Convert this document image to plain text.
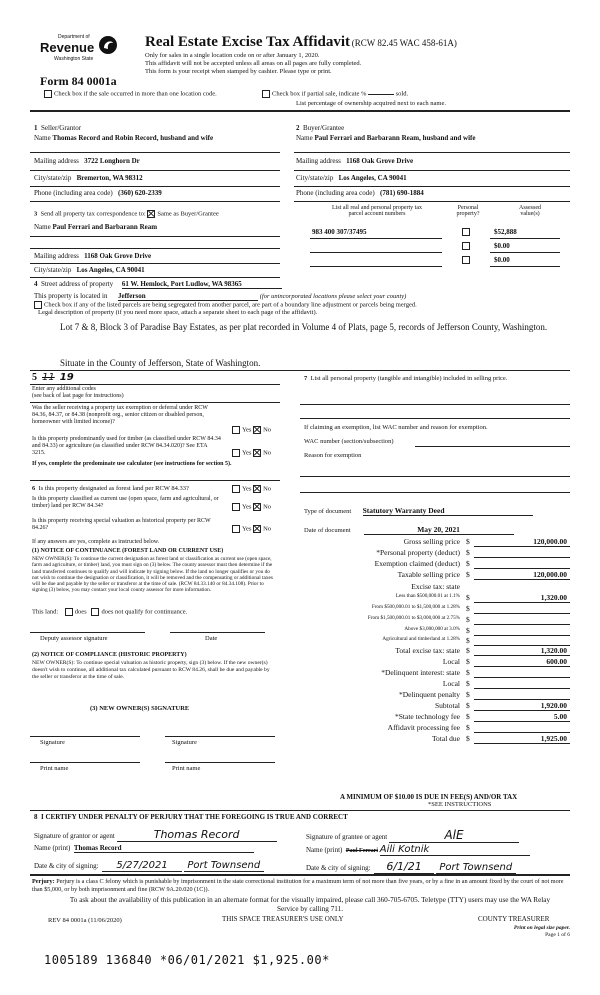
Department of
Revenue
Washington State
Form 84 0001a
Real Estate Excise Tax Affidavit (RCW 82.45 WAC 458-61A)
Only for sales in a single location code on or after January 1, 2020.
This affidavit will not be accepted unless all areas on all pages are fully completed.
This form is your receipt when stamped by cashier. Please type or print.
Check box if the sale occurred in more than one location code.	Check box if partial sale, indicate %	sold.
List percentage of ownership acquired next to each name.
1 Seller/Grantor
Name Thomas Record and Robin Record, husband and wife
Mailing address 3722 Longhorn Dr
City/state/zip Bremerton, WA 98312
Phone (including area code) (360) 620-2339
2 Buyer/Grantee
Name Paul Ferrari and Barbarann Ream, husband and wife
Mailing address 1168 Oak Grove Drive
City/state/zip Los Angeles, CA 90041
Phone (including area code) (781) 690-1884
3 Send all property tax correspondence to: Same as Buyer/Grantee
Name Paul Ferrari and Barbarann Ream
Mailing address 1168 Oak Grove Drive
City/state/zip Los Angeles, CA 90041
List all real and personal property tax
parcel account numbers
Personal
property?
Assessed
value(s)
983 400 307/37495	$52,888
$0.00
$0.00
4 Street address of property 61 W. Hemlock, Port Ludlow, WA 98365
This property is located in Jefferson	(for unincorporated locations please select your county)
Check box if any of the listed parcels are being segregated from another parcel, are part of a boundary line adjustment or parcels being merged.
Legal description of property (if you need more space, attach a separate sheet to each page of the affidavit).
Lot 7 & 8, Block 3 of Paradise Bay Estates, as per plat recorded in Volume 4 of Plats, page 5, records of Jefferson County, Washington.
Situate in the County of Jefferson, State of Washington.
5 11 19
Enter any additional codes
(see back of last page for instructions)
Was the seller receiving a property tax exemption or deferral under RCW 84.36, 84.37, or 84.38 (nonprofit org., senior citizen or disabled person, homeowner with limited income)?
Yes No
Is this property predominantly used for timber (as classified under RCW 84.34 and 84.33) or agriculture (as classified under RCW 84.34.020)? See ETA 3215.	Yes No
If yes, complete the predominate use calculator (see instructions for section 5).
6 Is this property designated as forest land per RCW 84.33?	Yes No
Is this property classified as current use (open space, farm and agricultural, or timber) land per RCW 84.34?	Yes No
Is this property receiving special valuation as historical property per RCW 84.26?	Yes No
If any answers are yes, complete as instructed below.
(1) NOTICE OF CONTINUANCE (FOREST LAND OR CURRENT USE)
NEW OWNER(S): To continue the current designation as forest land or classification as current use (open space, farm and agriculture, or timber) land, you must sign on (3) below. The county assessor must then determine if the land transferred continues to qualify and will indicate by signing below. If the land no longer qualifies or you do not wish to continue the designation or classification, it will be removed and the compensating or additional taxes will be due and payable by the seller or transferor at the time of sale. (RCW 84.33.140 or 84.34.108). Prior to signing (3) below, you may contact your local county assessor for more information.
This land:	does does not qualify for continuance.
Deputy assessor signature	Date
(2) NOTICE OF COMPLIANCE (HISTORIC PROPERTY)
NEW OWNER(S): To continue special valuation as historic property, sign (3) below. If the new owner(s) doesn't wish to continue, all additional tax calculated pursuant to RCW 84.26, shall be due and payable by the seller or transferor at the time of sale.
(3) NEW OWNER(S) SIGNATURE
Signature	Signature
Print name	Print name
7 List all personal property (tangible and intangible) included in selling price.
If claiming an exemption, list WAC number and reason for exemption.
WAC number (section/subsection)
Reason for exemption
Type of document Statutory Warranty Deed
Date of document	May 20, 2021
Gross selling price $	120,000.00
*Personal property (deduct) $
Exemption claimed (deduct) $
Taxable selling price $	120,000.00
Excise tax: state
Less than $500,000.01 at 1.1% $	1,320.00
From $500,000.01 to $1,500,000 at 1.28% $
From $1,500,000.01 to $3,000,000 at 2.75% $
Above $3,000,000 at 3.0% $
Agricultural and timberland at 1.28% $
Total excise tax: state $	1,320.00
Local $	600.00
*Delinquent interest: state $
Local $
*Delinquent penalty $
Subtotal $	1,920.00
*State technology fee $	5.00
Affidavit processing fee $
Total due $	1,925.00
A MINIMUM OF $10.00 IS DUE IN FEE(S) AND/OR TAX
*SEE INSTRUCTIONS
8 I CERTIFY UNDER PENALTY OF PERJURY THAT THE FOREGOING IS TRUE AND CORRECT
Signature of grantor or agent	Thomas Record	Signature of grantee or agent	AlE
Name (print) Thomas Record	Name (print) Paul Ferrari Aili Kotnik
Date & city of signing: 5/27/2021 Port Townsend	Date & city of signing: 6/1/21 Port Townsend
Perjury: Perjury is a class C felony which is punishable by imprisonment in the state correctional institution for a maximum term of not more than five years, or by a fine in an amount fixed by the court of not more than $5,000, or by both imprisonment and fine (RCW 9A.20.020 (1C)).
To ask about the availability of this publication in an alternate format for the visually impaired, please call 360-705-6705. Teletype (TTY) users may use the WA Relay Service by calling 711.
REV 84 0001a (11/06/2020)	THIS SPACE TREASURER'S USE ONLY	COUNTY TREASURER
Print on legal size paper.
Page 1 of 6
1005189 136840 *06/01/2021 $1,925.00*
